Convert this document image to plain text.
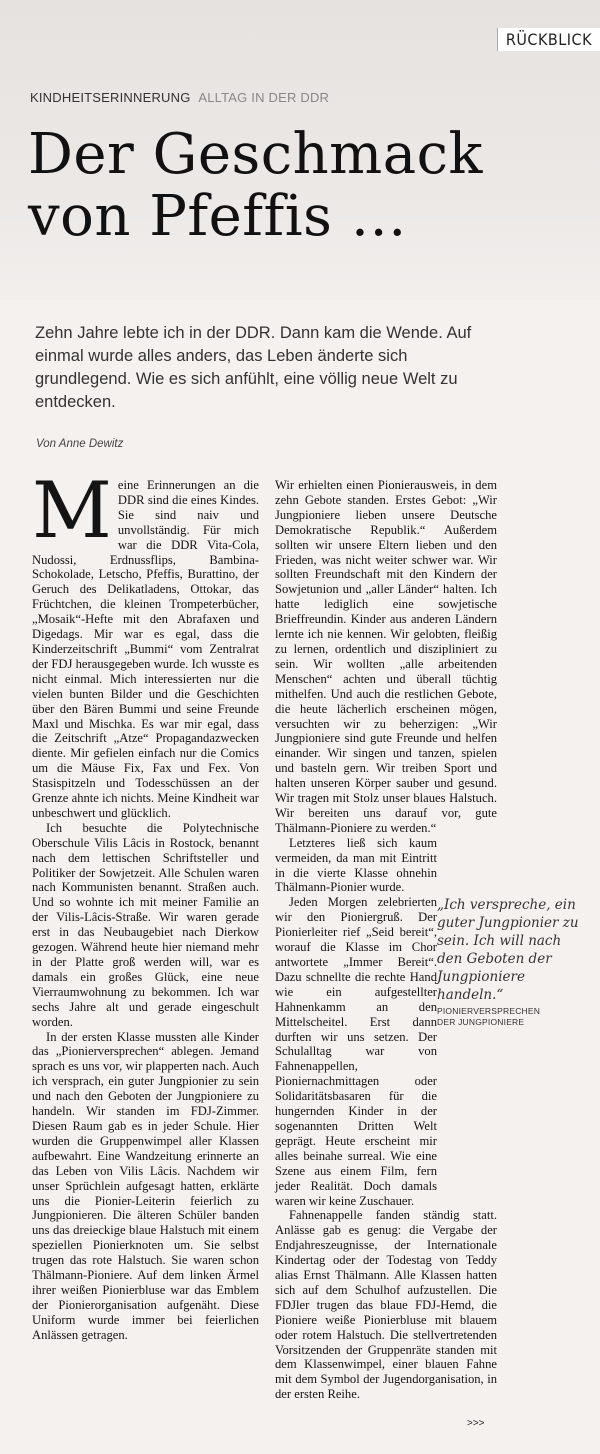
RÜCKBLICK
KINDHEITSERINNERUNG ALLTAG IN DER DDR
Der Geschmack
von Pfeffis …
Zehn Jahre lebte ich in der DDR. Dann kam die Wende. Auf einmal wurde alles anders, das Leben änderte sich grundlegend. Wie es sich anfühlt, eine völlig neue Welt zu entdecken.
Von Anne Dewitz

Meine Erinnerungen an die DDR sind die eines Kindes. Sie sind naiv und unvollständig. Für mich war die DDR Vita-Cola, Nudossi, Erdnussflips, Bambina-Schokolade, Letscho, Pfeffis, Burattino, der Geruch des Delikatladens, Ottokar, das Früchtchen, die kleinen Trompeterbücher, „Mosaik“-Hefte mit den Abrafaxen und Digedags. Mir war es egal, dass die Kinderzeitschrift „Bummi“ vom Zentralrat der FDJ herausgegeben wurde. Ich wusste es nicht einmal. Mich interessierten nur die vielen bunten Bilder und die Geschichten über den Bären Bummi und seine Freunde Maxl und Mischka. Es war mir egal, dass die Zeitschrift „Atze“ Propagandazwecken diente. Mir gefielen einfach nur die Comics um die Mäuse Fix, Fax und Fex. Von Stasispitzeln und Todesschüssen an der Grenze ahnte ich nichts. Meine Kindheit war unbeschwert und glücklich.

Ich besuchte die Polytechnische Oberschule Vilis Lâcis in Rostock, benannt nach dem lettischen Schriftsteller und Politiker der Sowjetzeit. Alle Schulen waren nach Kommunisten benannt. Straßen auch. Und so wohnte ich mit meiner Familie an der Vilis-Lâcis-Straße. Wir waren gerade erst in das Neubaugebiet nach Dierkow gezogen. Während heute hier niemand mehr in der Platte groß werden will, war es damals ein großes Glück, eine neue Vierraumwohnung zu bekommen. Ich war sechs Jahre alt und gerade eingeschult worden.

In der ersten Klasse mussten alle Kinder das „Pionierversprechen“ ablegen. Jemand sprach es uns vor, wir plapperten nach. Auch ich versprach, ein guter Jungpionier zu sein und nach den Geboten der Jungpioniere zu handeln. Wir standen im FDJ-Zimmer. Diesen Raum gab es in jeder Schule. Hier wurden die Gruppenwimpel aller Klassen aufbewahrt. Eine Wandzeitung erinnerte an das Leben von Vilis Lâcis. Nachdem wir unser Sprüchlein aufgesagt hatten, erklärte uns die Pionier-Leiterin feierlich zu Jungpionieren. Die älteren Schüler banden uns das dreieckige blaue Halstuch mit einem speziellen Pionierknoten um. Sie selbst trugen das rote Halstuch. Sie waren schon Thälmann-Pioniere. Auf dem linken Ärmel ihrer weißen Pionierbluse war das Emblem der Pionierorganisation aufgenäht. Diese Uniform wurde immer bei feierlichen Anlässen getragen.

Wir erhielten einen Pionierausweis, in dem zehn Gebote standen. Erstes Gebot: „Wir Jungpioniere lieben unsere Deutsche Demokratische Republik.“ Außerdem sollten wir unsere Eltern lieben und den Frieden, was nicht weiter schwer war. Wir sollten Freundschaft mit den Kindern der Sowjetunion und „aller Länder“ halten. Ich hatte lediglich eine sowjetische Brieffreundin. Kinder aus anderen Ländern lernte ich nie kennen. Wir gelobten, fleißig zu lernen, ordentlich und diszipliniert zu sein. Wir wollten „alle arbeitenden Menschen“ achten und überall tüchtig mithelfen. Und auch die restlichen Gebote, die heute lächerlich erscheinen mögen, versuchten wir zu beherzigen: „Wir Jungpioniere sind gute Freunde und helfen einander. Wir singen und tanzen, spielen und basteln gern. Wir treiben Sport und halten unseren Körper sauber und gesund. Wir tragen mit Stolz unser blaues Halstuch. Wir bereiten uns darauf vor, gute Thälmann-Pioniere zu werden.“

Letzteres ließ sich kaum vermeiden, da man mit Eintritt in die vierte Klasse ohnehin Thälmann-Pionier wurde.

Jeden Morgen zelebrierten wir den Pioniergruß. Der Pionierleiter rief „Seid bereit“, worauf die Klasse im Chor antwortete „Immer Bereit“. Dazu schnellte die rechte Hand wie ein aufgestellter Hahnenkamm an den Mittelscheitel. Erst dann durften wir uns setzen. Der Schulalltag war von Fahnenappellen, Pioniernachmittagen oder Solidaritätsbasaren für die hungernden Kinder in der sogenannten Dritten Welt geprägt. Heute erscheint mir alles beinahe surreal. Wie eine Szene aus einem Film, fern jeder Realität. Doch damals waren wir keine Zuschauer.

Fahnenappelle fanden ständig statt. Anlässe gab es genug: die Vergabe der Endjahreszeugnisse, der Internationale Kindertag oder der Todestag von Teddy alias Ernst Thälmann. Alle Klassen hatten sich auf dem Schulhof aufzustellen. Die FDJler trugen das blaue FDJ-Hemd, die Pioniere weiße Pionierbluse mit blauem oder rotem Halstuch. Die stellvertretenden Vorsitzenden der Gruppenräte standen mit dem Klassenwimpel, einer blauen Fahne mit dem Symbol der Jugendorganisation, in der ersten Reihe.

„Ich verspreche, ein guter Jungpionier zu sein. Ich will nach den Geboten der Jungpioniere handeln.“
PIONIERVERSPRECHEN
DER JUNGPIONIERE
>>>
